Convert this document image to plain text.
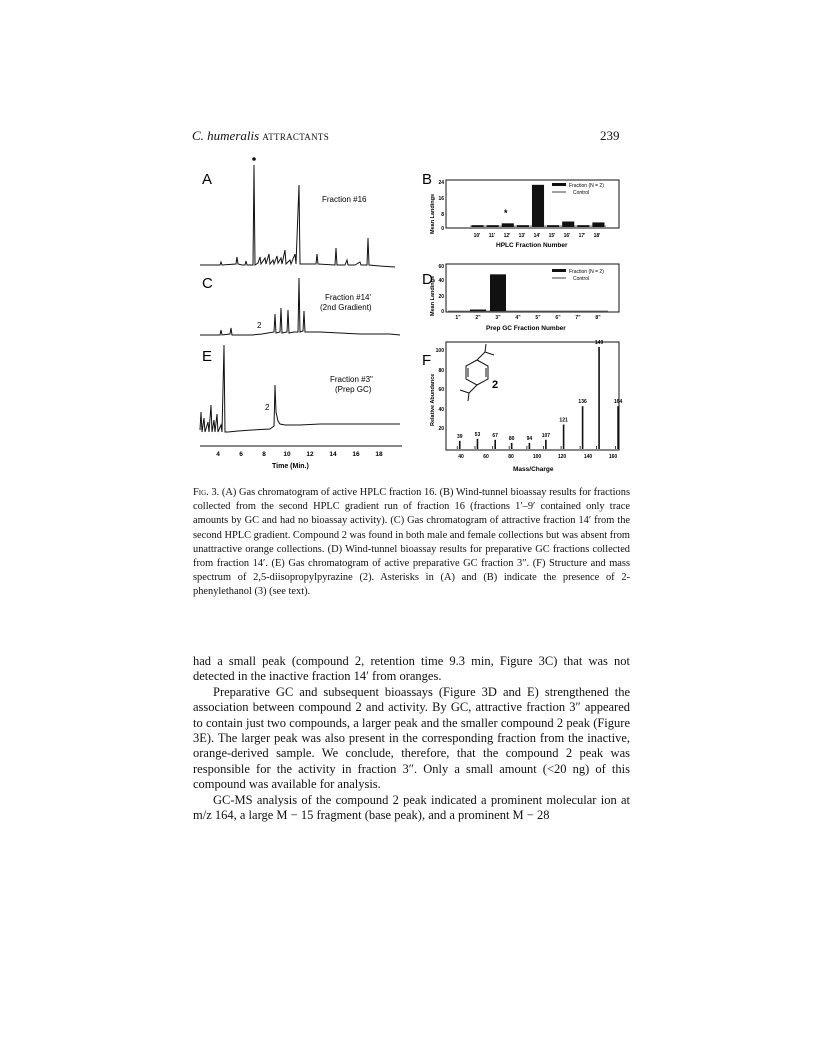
C. humeralis attractants	239
A	B
C	D
E	F
Fraction #16
2
Fraction #14'
(2nd Gradient)
2
Fraction #3"
(Prep GC)
4	6	8	10 12 14 16 18
Time (Min.)
Mean Landings
24
16
8
0
*
10' 11' 12' 13' 14' 15' 16' 17' 18'
HPLC Fraction Number
Fraction (N = 2)
Control
Mean Landings
60
40
20
0
1"	2"	3"	4"	5"	6"	7"	8"
Prep GC Fraction Number
Fraction (N = 2)
Control
Relative Abundance
100
80
60
40
20
39 53 67
80 94
107
121
136
149
164
40	60	80	100	120	140	160
Mass/Charge
2
Fig. 3. (A) Gas chromatogram of active HPLC fraction 16. (B) Wind-tunnel bioassay results for fractions collected from the second HPLC gradient run of fraction 16 (fractions 1′–9′ contained only trace amounts by GC and had no bioassay activity). (C) Gas chromatogram of attractive fraction 14′ from the second HPLC gradient. Compound 2 was found in both male and female collections but was absent from unattractive orange collections. (D) Wind-tunnel bioassay results for preparative GC fractions collected from fraction 14′. (E) Gas chromatogram of active preparative GC fraction 3″. (F) Structure and mass spectrum of 2,5-diisopropylpyrazine (2). Asterisks in (A) and (B) indicate the presence of 2-phenylethanol (3) (see text).

had a small peak (compound 2, retention time 9.3 min, Figure 3C) that was not detected in the inactive fraction 14′ from oranges.

Preparative GC and subsequent bioassays (Figure 3D and E) strengthened the association between compound 2 and activity. By GC, attractive fraction 3″ appeared to contain just two compounds, a larger peak and the smaller compound 2 peak (Figure 3E). The larger peak was also present in the corresponding fraction from the inactive, orange-derived sample. We conclude, therefore, that the compound 2 peak was responsible for the activity in fraction 3″. Only a small amount (<20 ng) of this compound was available for analysis.

GC-MS analysis of the compound 2 peak indicated a prominent molecular ion at m/z 164, a large M − 15 fragment (base peak), and a prominent M − 28
